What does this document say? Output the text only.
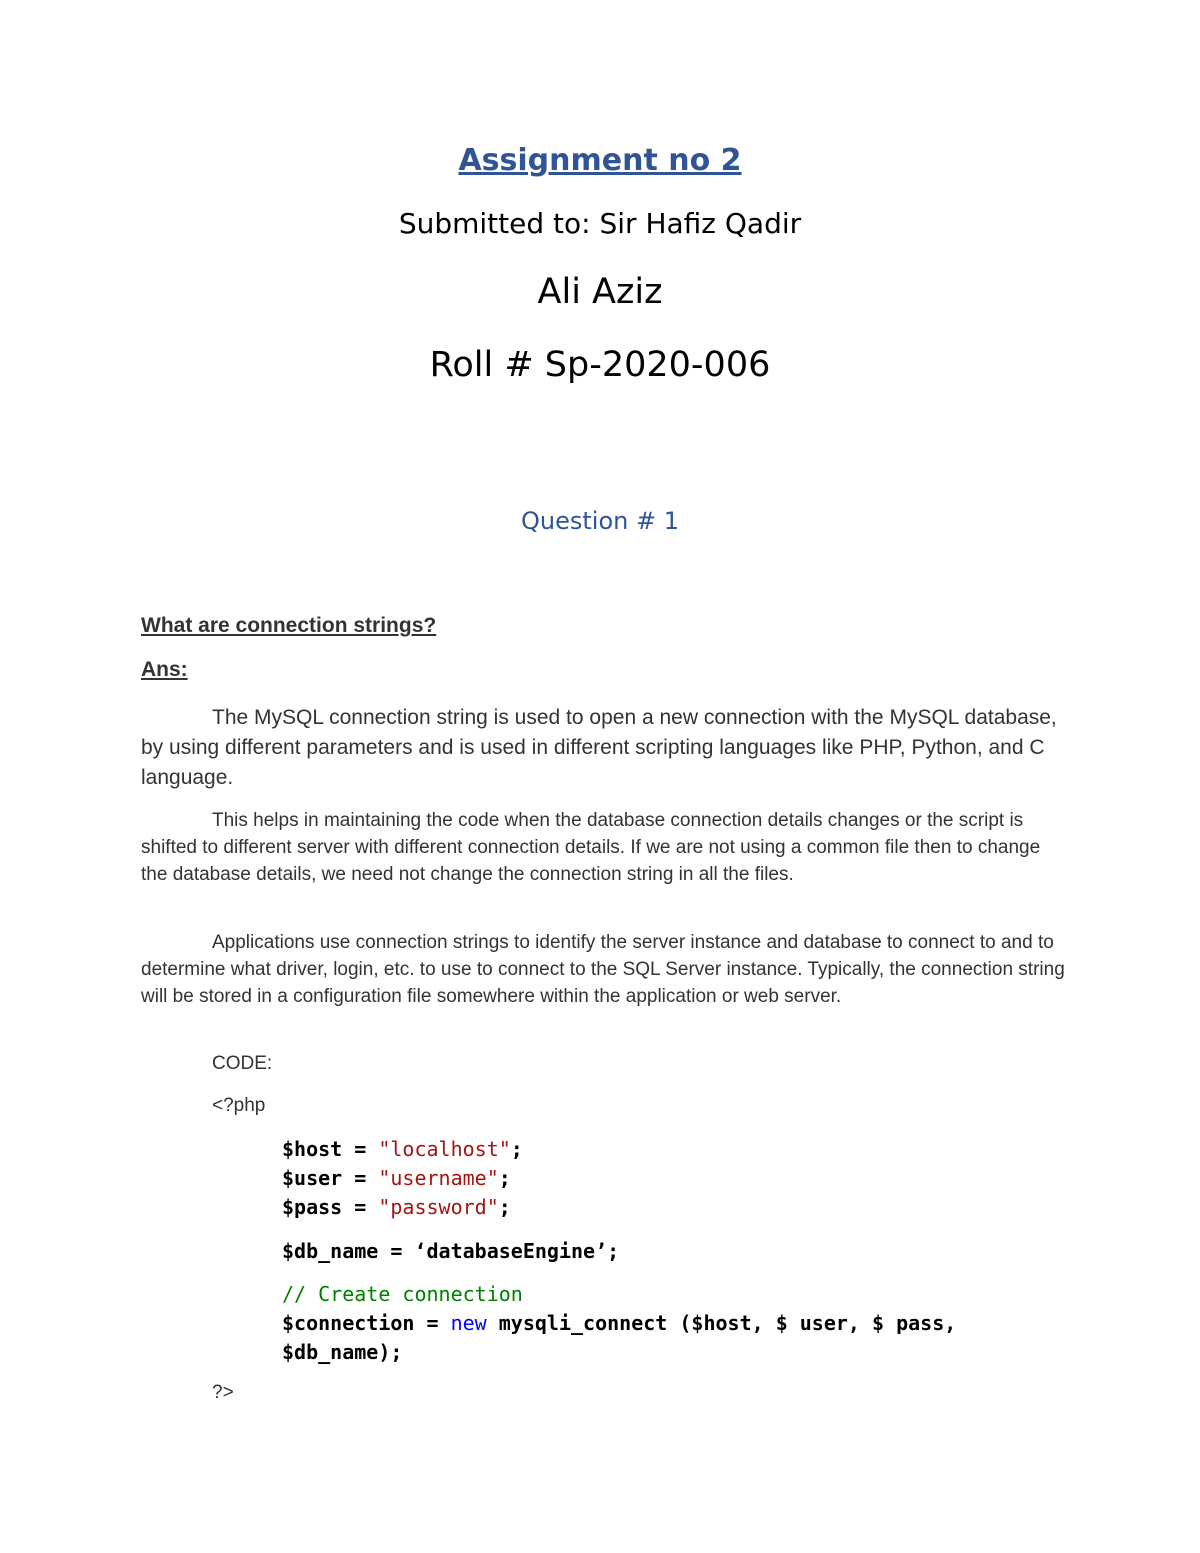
Assignment no 2
Submitted to: Sir Hafiz Qadir
Ali Aziz
Roll # Sp-2020-006
Question # 1
What are connection strings?
Ans:

The MySQL connection string is used to open a new connection with the MySQL database, by using different parameters and is used in different scripting languages like PHP, Python, and C language.

This helps in maintaining the code when the database connection details changes or the script is shifted to different server with different connection details. If we are not using a common file then to change the database details, we need not change the connection string in all the files.

Applications use connection strings to identify the server instance and database to connect to and to determine what driver, login, etc. to use to connect to the SQL Server instance. Typically, the connection string will be stored in a configuration file somewhere within the application or web server.

CODE:
<?php
$host = "localhost";
$user = "username";
$pass = "password";
$db_name = ‘databaseEngine’;
// Create connection
$connection = new mysqli_connect ($host, $ user, $ pass,
$db_name);
?>
